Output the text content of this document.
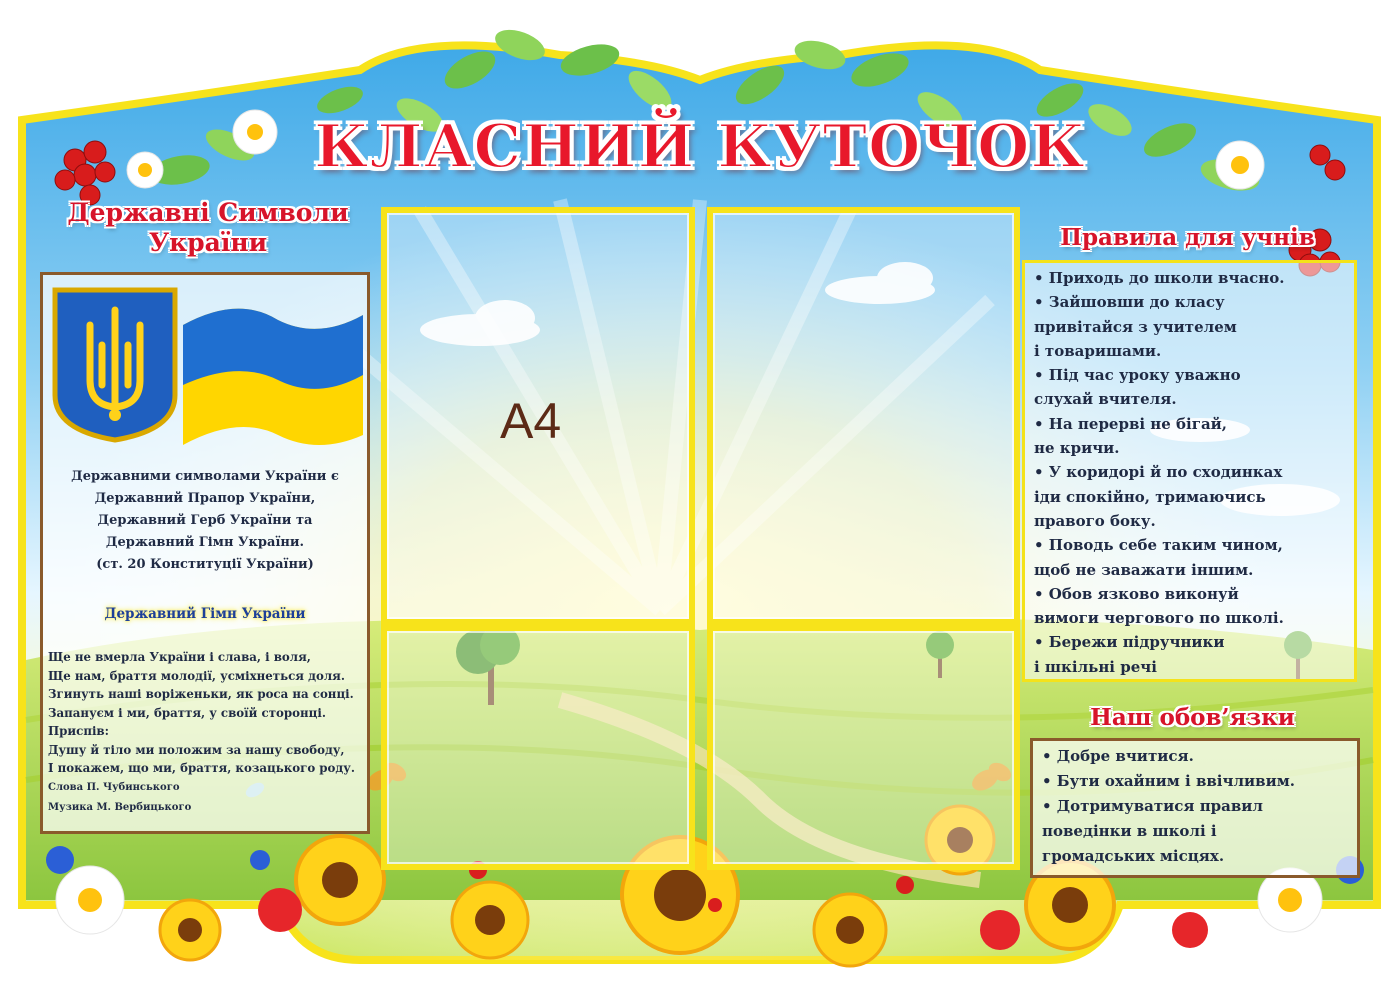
КЛАСНИЙ КУТОЧОК
Державні Символи
України
Державними символами України є
Державний Прапор України,
Державний Герб України та
Державний Гімн України.
(ст. 20 Конституції України)
Державний Гімн України
Ще не вмерла України і слава, і воля,
Ще нам, браття молодії, усміхнеться доля.
Згинуть наші воріженьки, як роса на сонці.
Запануєм і ми, браття, у своїй сторонці.
Приспів:
Душу й тіло ми положим за нашу свободу,
І покажем, що ми, браття, козацького роду.
Слова П. Чубинського
Музика М. Вербицького
А4
Правила для учнів
• Приходь до школи вчасно.
• Зайшовши до класу
привітайся з учителем
і товаришами.
• Під час уроку уважно
слухай вчителя.
• На перерві не бігай,
не кричи.
• У коридорі й по сходинках
іди спокійно, тримаючись
правого боку.
• Поводь себе таким чином,
щоб не заважати іншим.
• Обов язково виконуй
вимоги чергового по школі.
• Бережи підручники
і шкільні речі
Наш обов’язки
• Добре вчитися.
• Бути охайним і ввічливим.
• Дотримуватися правил
поведінки в школі і
громадських місцях.
